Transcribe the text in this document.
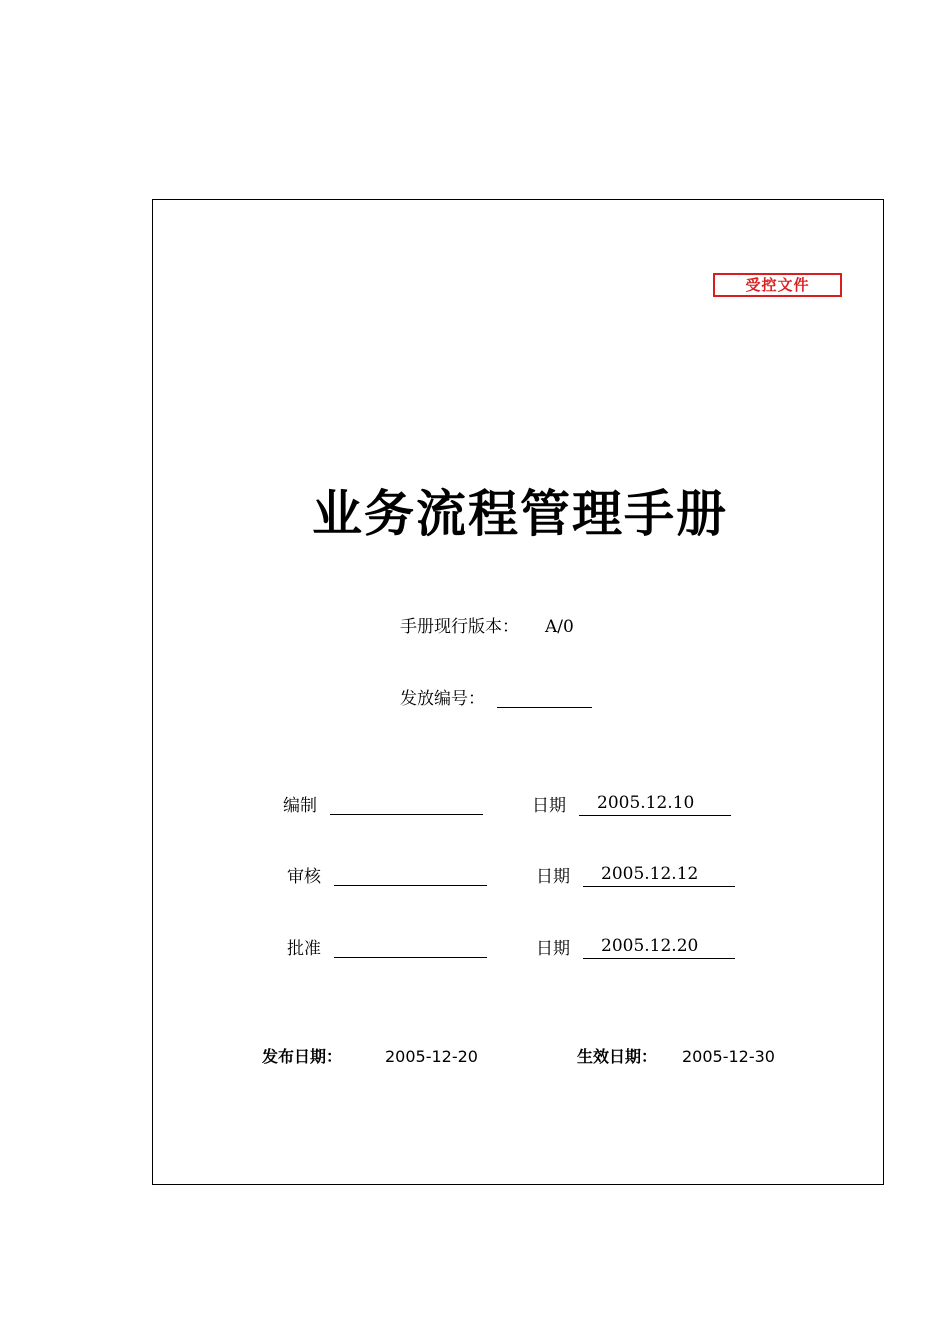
受控文件
业务流程管理手册
手册现行版本： A/0
发放编号：
编制	日期	2005.12.10
审核	日期	2005.12.12
批准	日期	2005.12.20
发布日期：	2005-12-20	生效日期： 2005-12-30
